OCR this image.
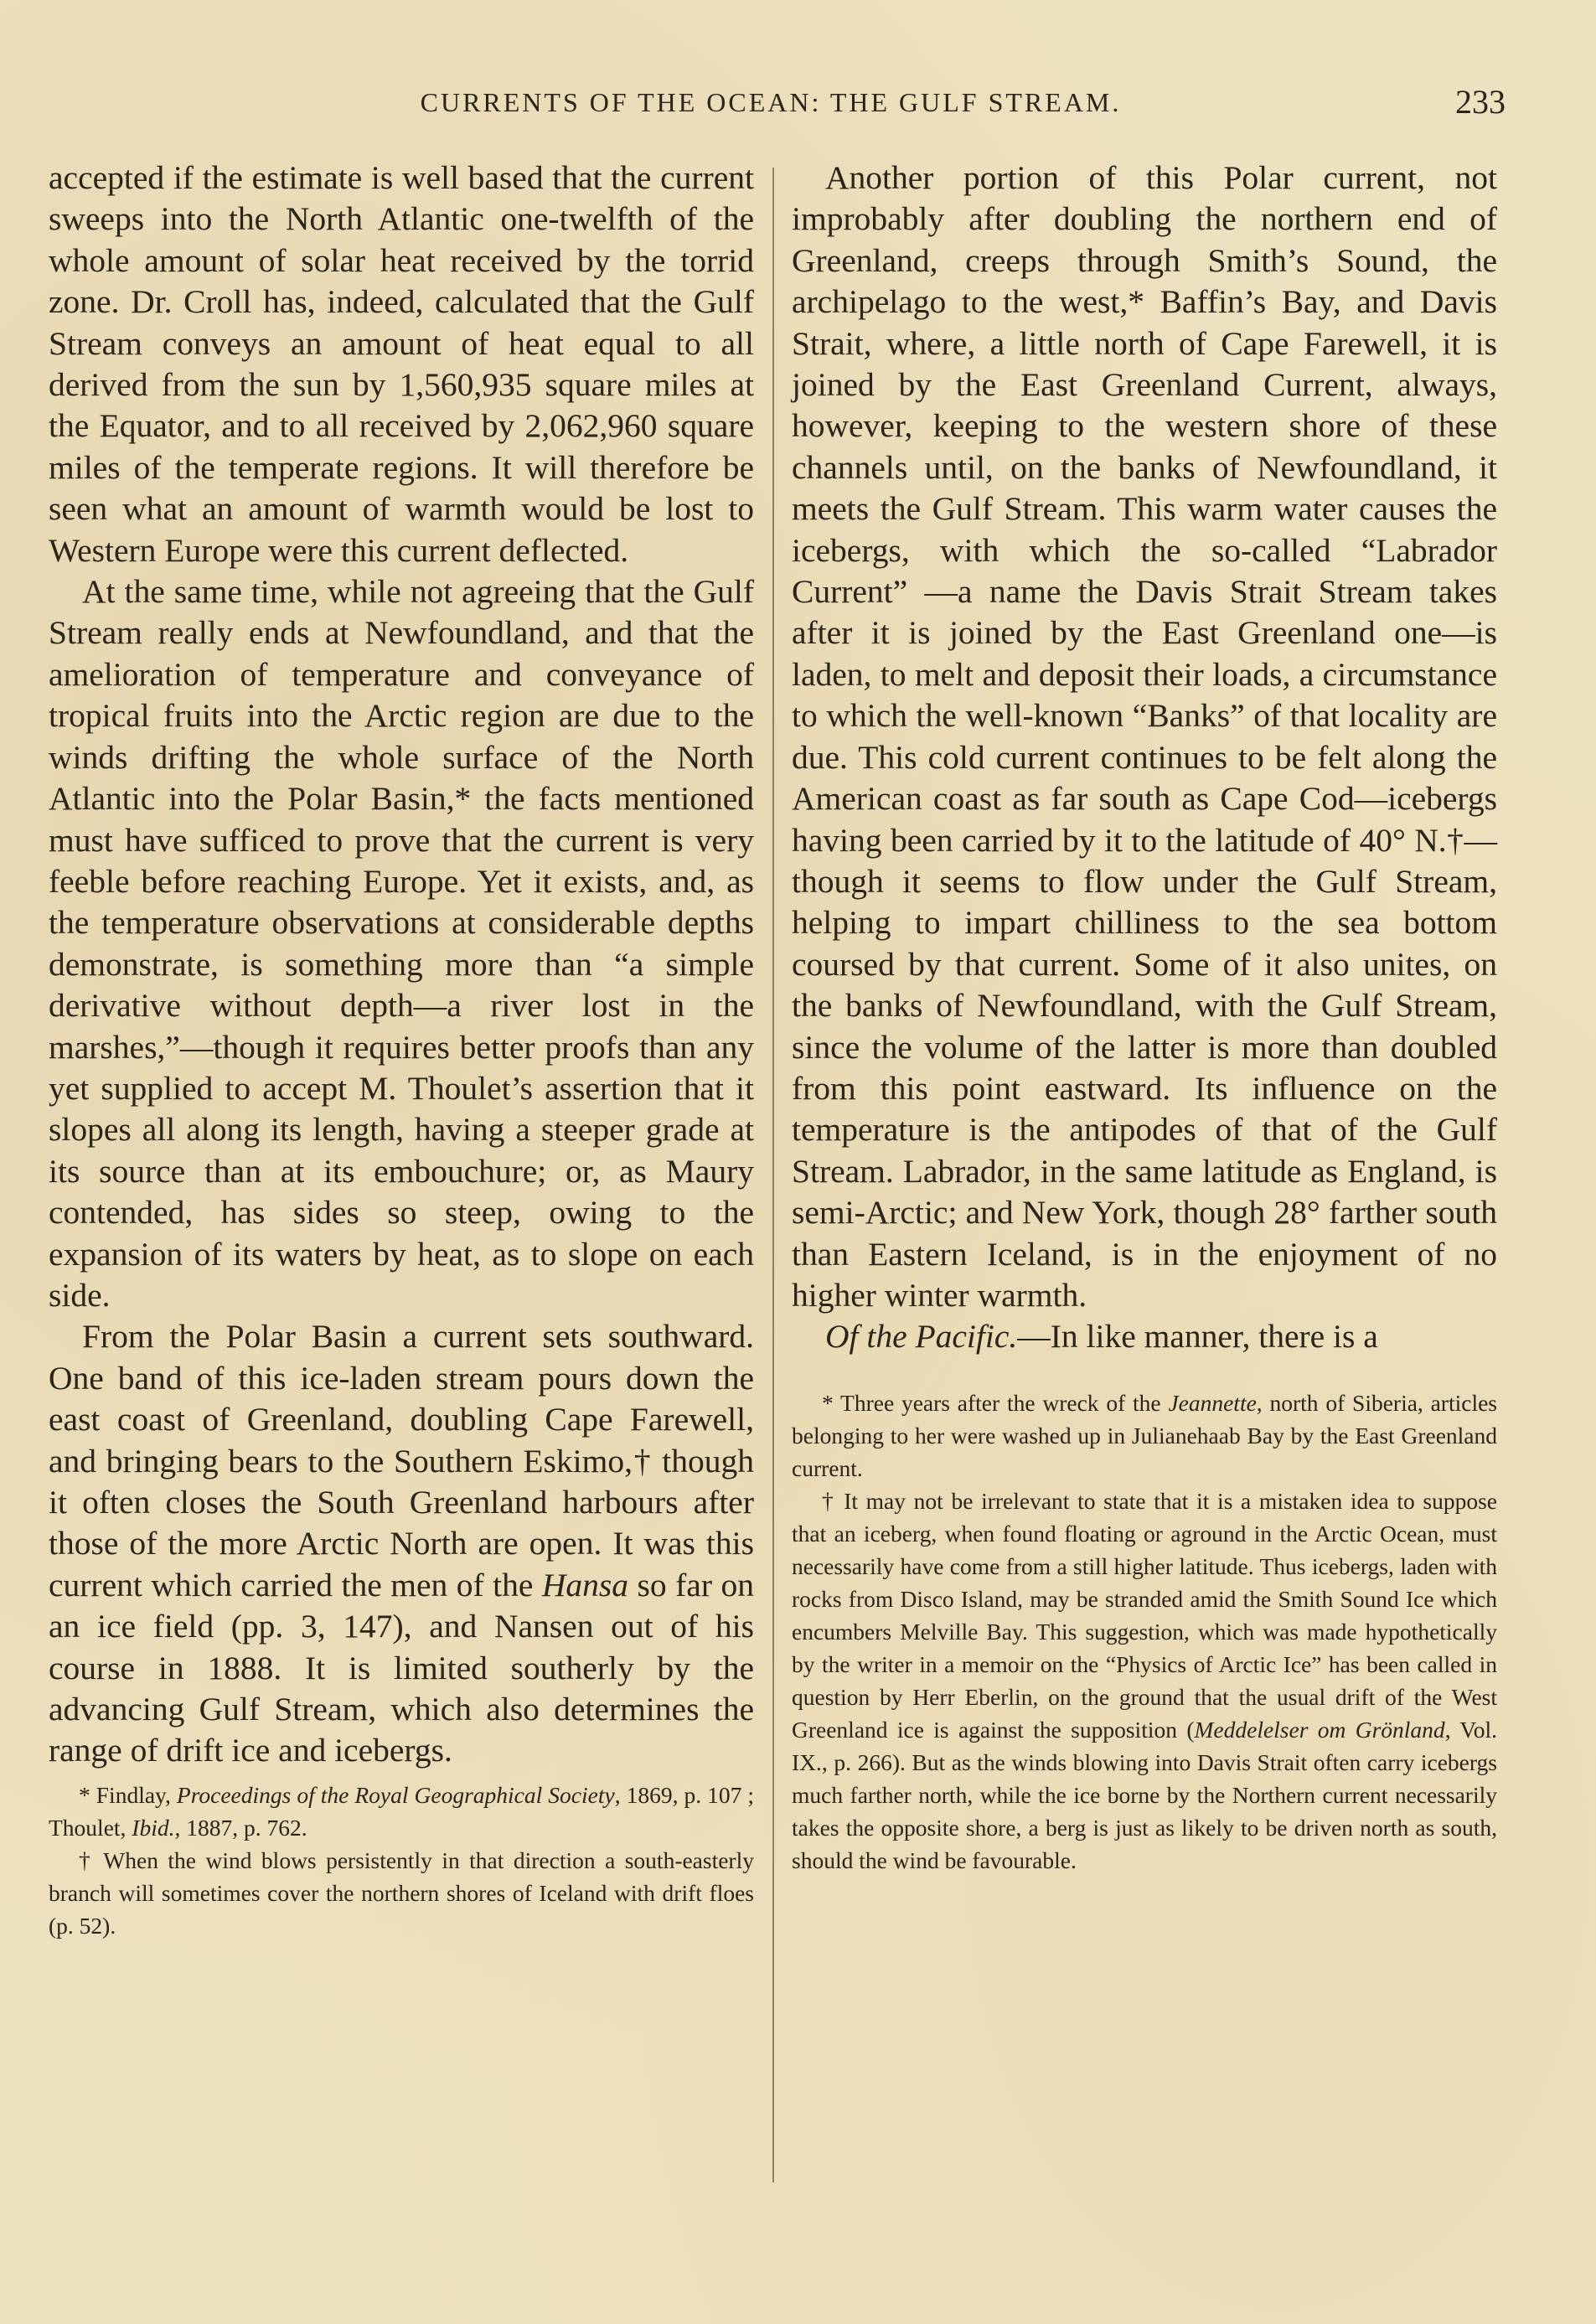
CURRENTS OF THE OCEAN: THE GULF STREAM.	233

accepted if the estimate is well based that the current sweeps into the North Atlantic one-twelfth of the whole amount of solar heat received by the torrid zone. Dr. Croll has, indeed, calculated that the Gulf Stream conveys an amount of heat equal to all derived from the sun by 1,560,935 square miles at the Equator, and to all received by 2,062,960 square miles of the temperate regions. It will therefore be seen what an amount of warmth would be lost to Western Europe were this current deflected.

At the same time, while not agreeing that the Gulf Stream really ends at Newfoundland, and that the amelioration of temperature and conveyance of tropical fruits into the Arctic region are due to the winds drifting the whole surface of the North Atlantic into the Polar Basin,* the facts mentioned must have sufficed to prove that the current is very feeble before reaching Europe. Yet it exists, and, as the temperature observations at considerable depths demonstrate, is something more than “a simple derivative without depth—a river lost in the marshes,”—though it requires better proofs than any yet supplied to accept M. Thoulet’s assertion that it slopes all along its length, having a steeper grade at its source than at its embouchure; or, as Maury contended, has sides so steep, owing to the expansion of its waters by heat, as to slope on each side.

From the Polar Basin a current sets southward. One band of this ice-laden stream pours down the east coast of Greenland, doubling Cape Farewell, and bringing bears to the Southern Eskimo,† though it often closes the South Greenland harbours after those of the more Arctic North are open. It was this current which carried the men of the Hansa so far on an ice field (pp. 3, 147), and Nansen out of his course in 1888. It is limited southerly by the advancing Gulf Stream, which also determines the range of drift ice and icebergs.

* Findlay, Proceedings of the Royal Geographical Society, 1869, p. 107 ; Thoulet, Ibid., 1887, p. 762.

† When the wind blows persistently in that direction a south-easterly branch will sometimes cover the northern shores of Iceland with drift floes (p. 52).

Another portion of this Polar current, not improbably after doubling the northern end of Greenland, creeps through Smith’s Sound, the archipelago to the west,* Baffin’s Bay, and Davis Strait, where, a little north of Cape Farewell, it is joined by the East Greenland Current, always, however, keeping to the western shore of these channels until, on the banks of Newfoundland, it meets the Gulf Stream. This warm water causes the icebergs, with which the so-called “Labrador Current” —a name the Davis Strait Stream takes after it is joined by the East Greenland one—is laden, to melt and deposit their loads, a circumstance to which the well-known “Banks” of that locality are due. This cold current continues to be felt along the American coast as far south as Cape Cod—icebergs having been carried by it to the latitude of 40° N.†—though it seems to flow under the Gulf Stream, helping to impart chilliness to the sea bottom coursed by that current. Some of it also unites, on the banks of Newfoundland, with the Gulf Stream, since the volume of the latter is more than doubled from this point eastward. Its influence on the temperature is the antipodes of that of the Gulf Stream. Labrador, in the same latitude as England, is semi-Arctic; and New York, though 28° farther south than Eastern Iceland, is in the enjoyment of no higher winter warmth.

Of the Pacific.—In like manner, there is a

* Three years after the wreck of the Jeannette, north of Siberia, articles belonging to her were washed up in Julianehaab Bay by the East Greenland current.

† It may not be irrelevant to state that it is a mistaken idea to suppose that an iceberg, when found floating or aground in the Arctic Ocean, must necessarily have come from a still higher latitude. Thus icebergs, laden with rocks from Disco Island, may be stranded amid the Smith Sound Ice which encumbers Melville Bay. This suggestion, which was made hypothetically by the writer in a memoir on the “Physics of Arctic Ice” has been called in question by Herr Eberlin, on the ground that the usual drift of the West Greenland ice is against the supposition (Meddelelser om Grönland, Vol. IX., p. 266). But as the winds blowing into Davis Strait often carry icebergs much farther north, while the ice borne by the Northern current necessarily takes the opposite shore, a berg is just as likely to be driven north as south, should the wind be favourable.
